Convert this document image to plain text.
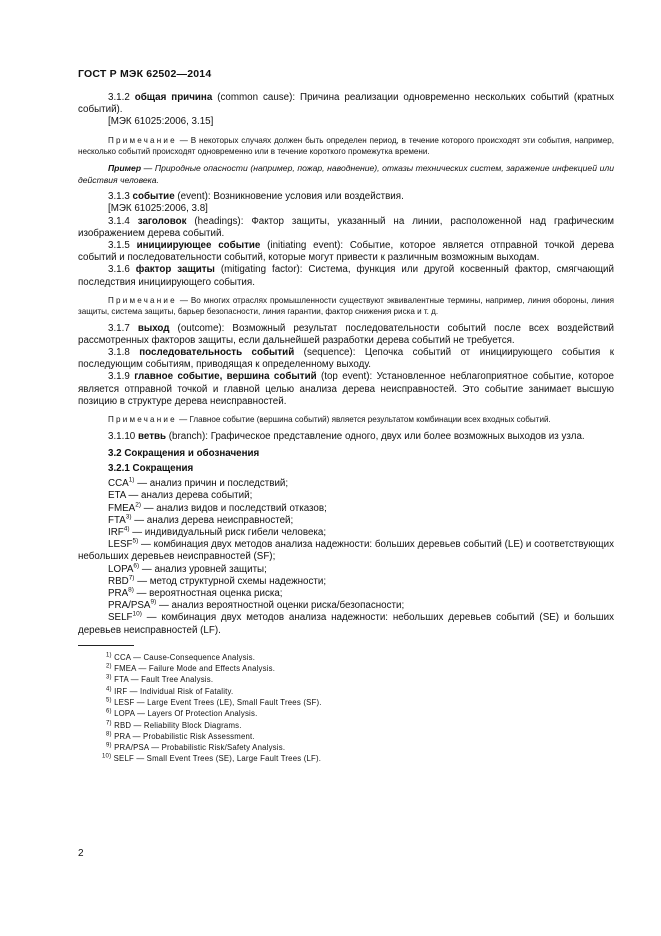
ГОСТ Р МЭК 62502—2014

3.1.2 общая причина (common cause): Причина реализации одновременно нескольких событий (кратных событий).

[МЭК 61025:2006, 3.15]

Примечание — В некоторых случаях должен быть определен период, в течение которого происходят эти события, например, несколько событий происходят одновременно или в течение короткого промежутка времени.

Пример — Природные опасности (например, пожар, наводнение), отказы технических систем, заражение инфекцией или действия человека.

3.1.3 событие (event): Возникновение условия или воздействия.

[МЭК 61025:2006, 3.8]

3.1.4 заголовок (headings): Фактор защиты, указанный на линии, расположенной над графическим изображением дерева событий.

3.1.5 инициирующее событие (initiating event): Событие, которое является отправной точкой дерева событий и последовательности событий, которые могут привести к различным возможным выходам.

3.1.6 фактор защиты (mitigating factor): Система, функция или другой косвенный фактор, смягчающий последствия инициирующего события.

Примечание — Во многих отраслях промышленности существуют эквивалентные термины, например, линия обороны, линия защиты, система защиты, барьер безопасности, линия гарантии, фактор снижения риска и т. д.

3.1.7 выход (outcome): Возможный результат последовательности событий после всех воздействий рассмотренных факторов защиты, если дальнейшей разработки дерева событий не требуется.

3.1.8 последовательность событий (sequence): Цепочка событий от инициирующего события к последующим событиям, приводящая к определенному выходу.

3.1.9 главное событие, вершина событий (top event): Установленное неблагоприятное событие, которое является отправной точкой и главной целью анализа дерева неисправностей. Это событие занимает высшую позицию в структуре дерева неисправностей.

Примечание — Главное событие (вершина событий) является результатом комбинации всех входных событий.

3.1.10 ветвь (branch): Графическое представление одного, двух или более возможных выходов из узла.

3.2 Сокращения и обозначения

3.2.1 Сокращения

CCA$^{1)}$ — анализ причин и последствий;

ETA — анализ дерева событий;

FMEA$^{2)}$ — анализ видов и последствий отказов;

FTA$^{3)}$ — анализ дерева неисправностей;

IRF$^{4)}$ — индивидуальный риск гибели человека;

LESF$^{5)}$ — комбинация двух методов анализа надежности: больших деревьев событий (LE) и соответствующих небольших деревьев неисправностей (SF);

LOPA$^{6)}$ — анализ уровней защиты;

RBD$^{7)}$ — метод структурной схемы надежности;

PRA$^{8)}$ — вероятностная оценка риска;

PRA/PSA$^{9)}$ — анализ вероятностной оценки риска/безопасности;

SELF$^{10)}$ — комбинация двух методов анализа надежности: небольших деревьев событий (SE) и больших деревьев неисправностей (LF).

$^{1)}$ CCA — Cause-Consequence Analysis.
$^{2)}$ FMEA — Failure Mode and Effects Analysis.
$^{3)}$ FTA — Fault Tree Analysis.
$^{4)}$ IRF — Individual Risk of Fatality.
$^{5)}$ LESF — Large Event Trees (LE), Small Fault Trees (SF).
$^{6)}$ LOPA — Layers Of Protection Analysis.
$^{7)}$ RBD — Reliability Block Diagrams.
$^{8)}$ PRA — Probabilistic Risk Assessment.
$^{9)}$ PRA/PSA — Probabilistic Risk/Safety Analysis.
$^{10)}$ SELF — Small Event Trees (SE), Large Fault Trees (LF).
2
